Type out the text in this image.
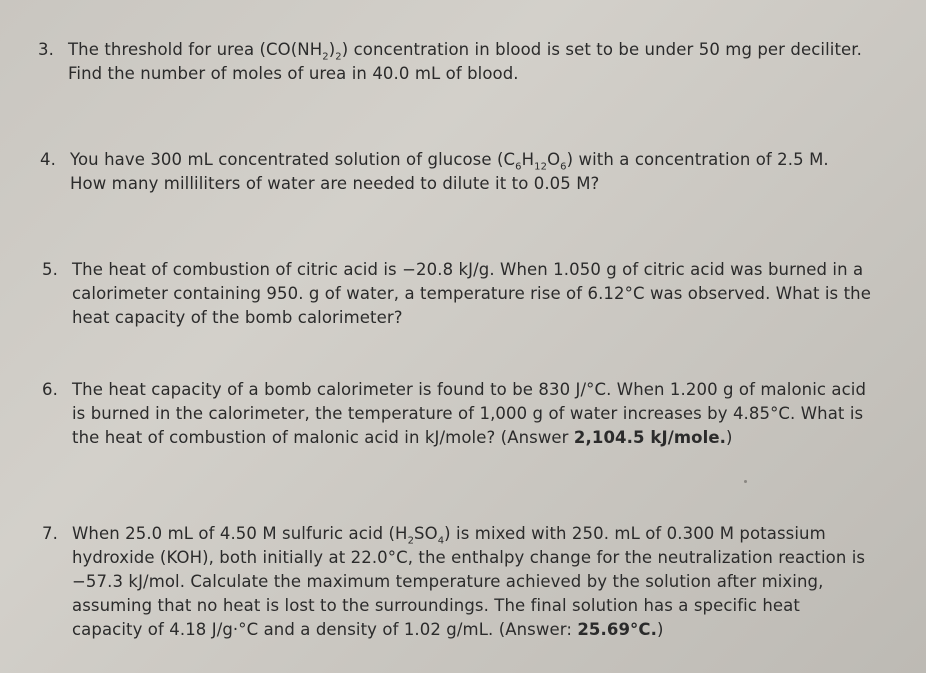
3. The threshold for urea $(CO(NH_2)_2)$ concentration in blood is set to be under 50 mg per deciliter.
Find the number of moles of urea in 40.0 mL of blood.
4. You have 300 mL concentrated solution of glucose $(C_6H_{12}O_6)$ with a concentration of 2.5 M.
How many milliliters of water are needed to dilute it to 0.05 M?
5. The heat of combustion of citric acid is −20.8 kJ/g. When 1.050 g of citric acid was burned in a
calorimeter containing 950. g of water, a temperature rise of 6.12°C was observed. What is the
heat capacity of the bomb calorimeter?
6. The heat capacity of a bomb calorimeter is found to be 830 J/°C. When 1.200 g of malonic acid
is burned in the calorimeter, the temperature of 1,000 g of water increases by 4.85°C. What is
the heat of combustion of malonic acid in kJ/mole? (Answer 2,104.5 kJ/mole.)
7. When 25.0 mL of 4.50 M sulfuric acid $(H_2SO_4)$ is mixed with 250. mL of 0.300 M potassium
hydroxide (KOH), both initially at 22.0°C, the enthalpy change for the neutralization reaction is
−57.3 kJ/mol. Calculate the maximum temperature achieved by the solution after mixing,
assuming that no heat is lost to the surroundings. The final solution has a specific heat
capacity of 4.18 J/g·°C and a density of 1.02 g/mL. (Answer: 25.69°C.)
